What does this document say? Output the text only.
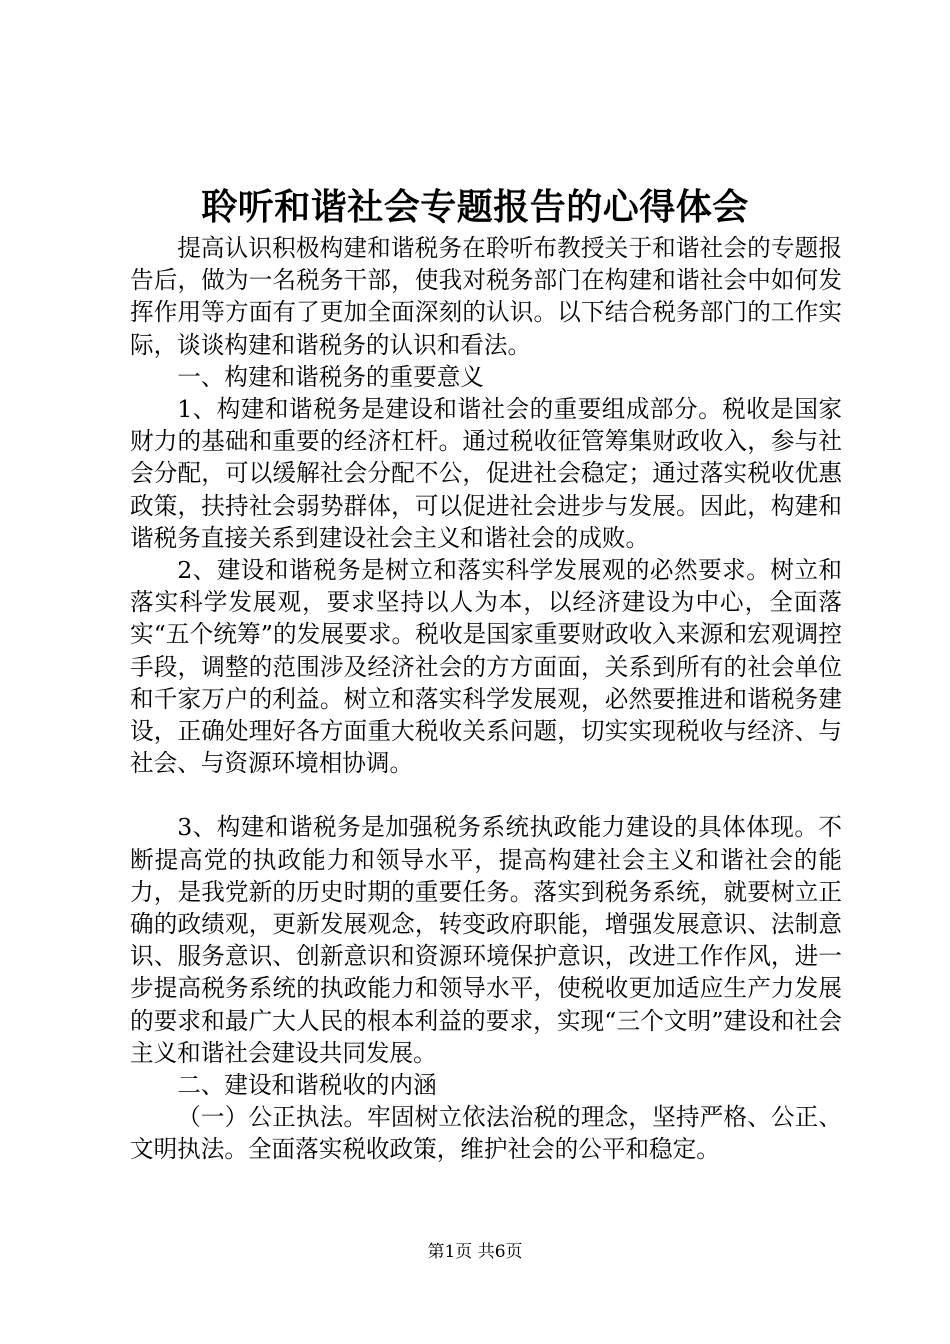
聆听和谐社会专题报告的心得体会

提高认识积极构建和谐税务在聆听布教授关于和谐社会的专题报告后，做为一名税务干部，使我对税务部门在构建和谐社会中如何发挥作用等方面有了更加全面深刻的认识。以下结合税务部门的工作实际，谈谈构建和谐税务的认识和看法。

一、构建和谐税务的重要意义

1、构建和谐税务是建设和谐社会的重要组成部分。税收是国家财力的基础和重要的经济杠杆。通过税收征管筹集财政收入，参与社会分配，可以缓解社会分配不公，促进社会稳定；通过落实税收优惠政策，扶持社会弱势群体，可以促进社会进步与发展。因此，构建和谐税务直接关系到建设社会主义和谐社会的成败。

2、建设和谐税务是树立和落实科学发展观的必然要求。树立和落实科学发展观，要求坚持以人为本，以经济建设为中心，全面落实“五个统筹”的发展要求。税收是国家重要财政收入来源和宏观调控手段，调整的范围涉及经济社会的方方面面，关系到所有的社会单位和千家万户的利益。树立和落实科学发展观，必然要推进和谐税务建设，正确处理好各方面重大税收关系问题，切实实现税收与经济、与社会、与资源环境相协调。

3、构建和谐税务是加强税务系统执政能力建设的具体体现。不断提高党的执政能力和领导水平，提高构建社会主义和谐社会的能力，是我党新的历史时期的重要任务。落实到税务系统，就要树立正确的政绩观，更新发展观念，转变政府职能，增强发展意识、法制意识、服务意识、创新意识和资源环境保护意识，改进工作作风，进一步提高税务系统的执政能力和领导水平，使税收更加适应生产力发展的要求和最广大人民的根本利益的要求，实现“三个文明”建设和社会主义和谐社会建设共同发展。

二、建设和谐税收的内涵

（一）公正执法。牢固树立依法治税的理念，坚持严格、公正、文明执法。全面落实税收政策，维护社会的公平和稳定。

第1页 共6页
